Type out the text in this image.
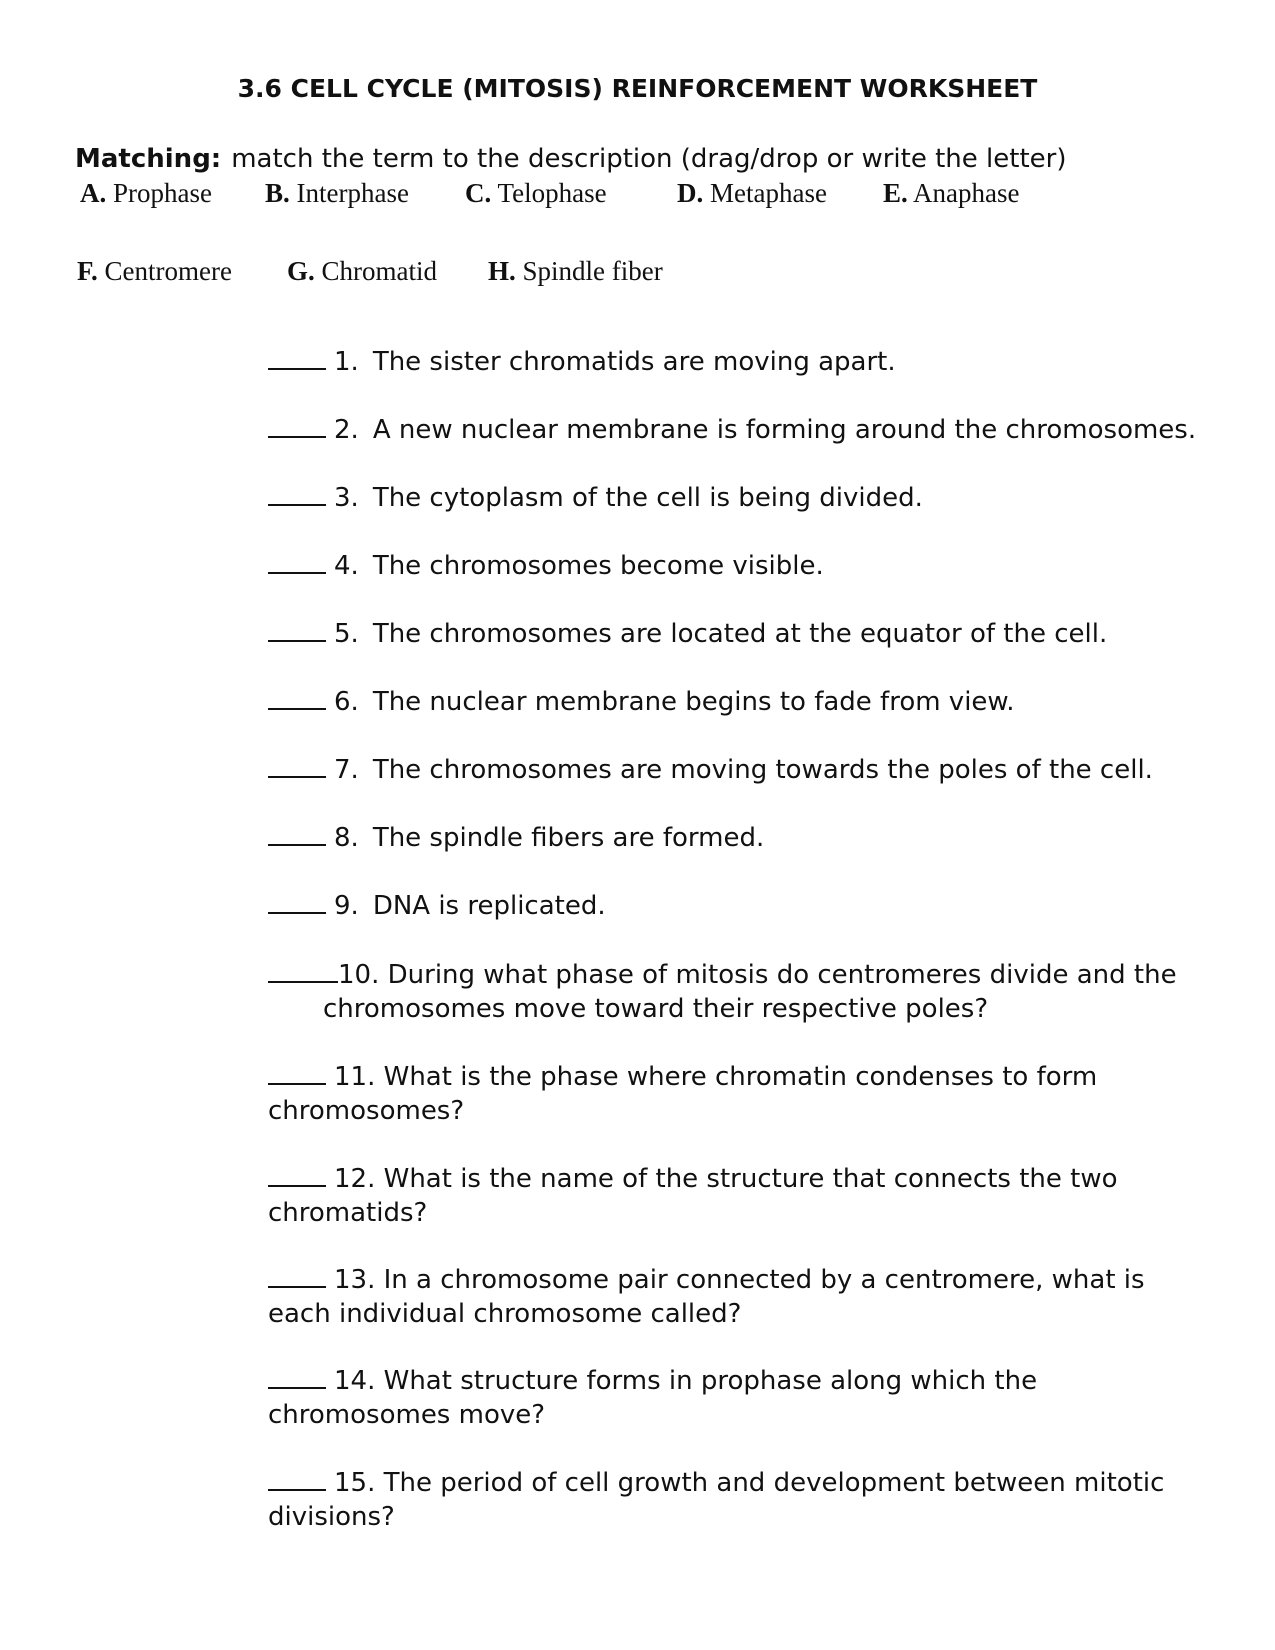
3.6 CELL CYCLE (MITOSIS) REINFORCEMENT WORKSHEET
Matching: match the term to the description (drag/drop or write the letter)
A. Prophase B. Interphase C. Telophase	D. Metaphase E. Anaphase
F. Centromere G. Chromatid H. Spindle fiber
1. The sister chromatids are moving apart.
2. A new nuclear membrane is forming around the chromosomes.
3. The cytoplasm of the cell is being divided.
4. The chromosomes become visible.
5. The chromosomes are located at the equator of the cell.
6. The nuclear membrane begins to fade from view.
7. The chromosomes are moving towards the poles of the cell.
8. The spindle fibers are formed.
9. DNA is replicated.
10. During what phase of mitosis do centromeres divide and the
chromosomes move toward their respective poles?
11. What is the phase where chromatin condenses to form
chromosomes?
12. What is the name of the structure that connects the two
chromatids?
13. In a chromosome pair connected by a centromere, what is
each individual chromosome called?
14. What structure forms in prophase along which the
chromosomes move?
15. The period of cell growth and development between mitotic
divisions?
